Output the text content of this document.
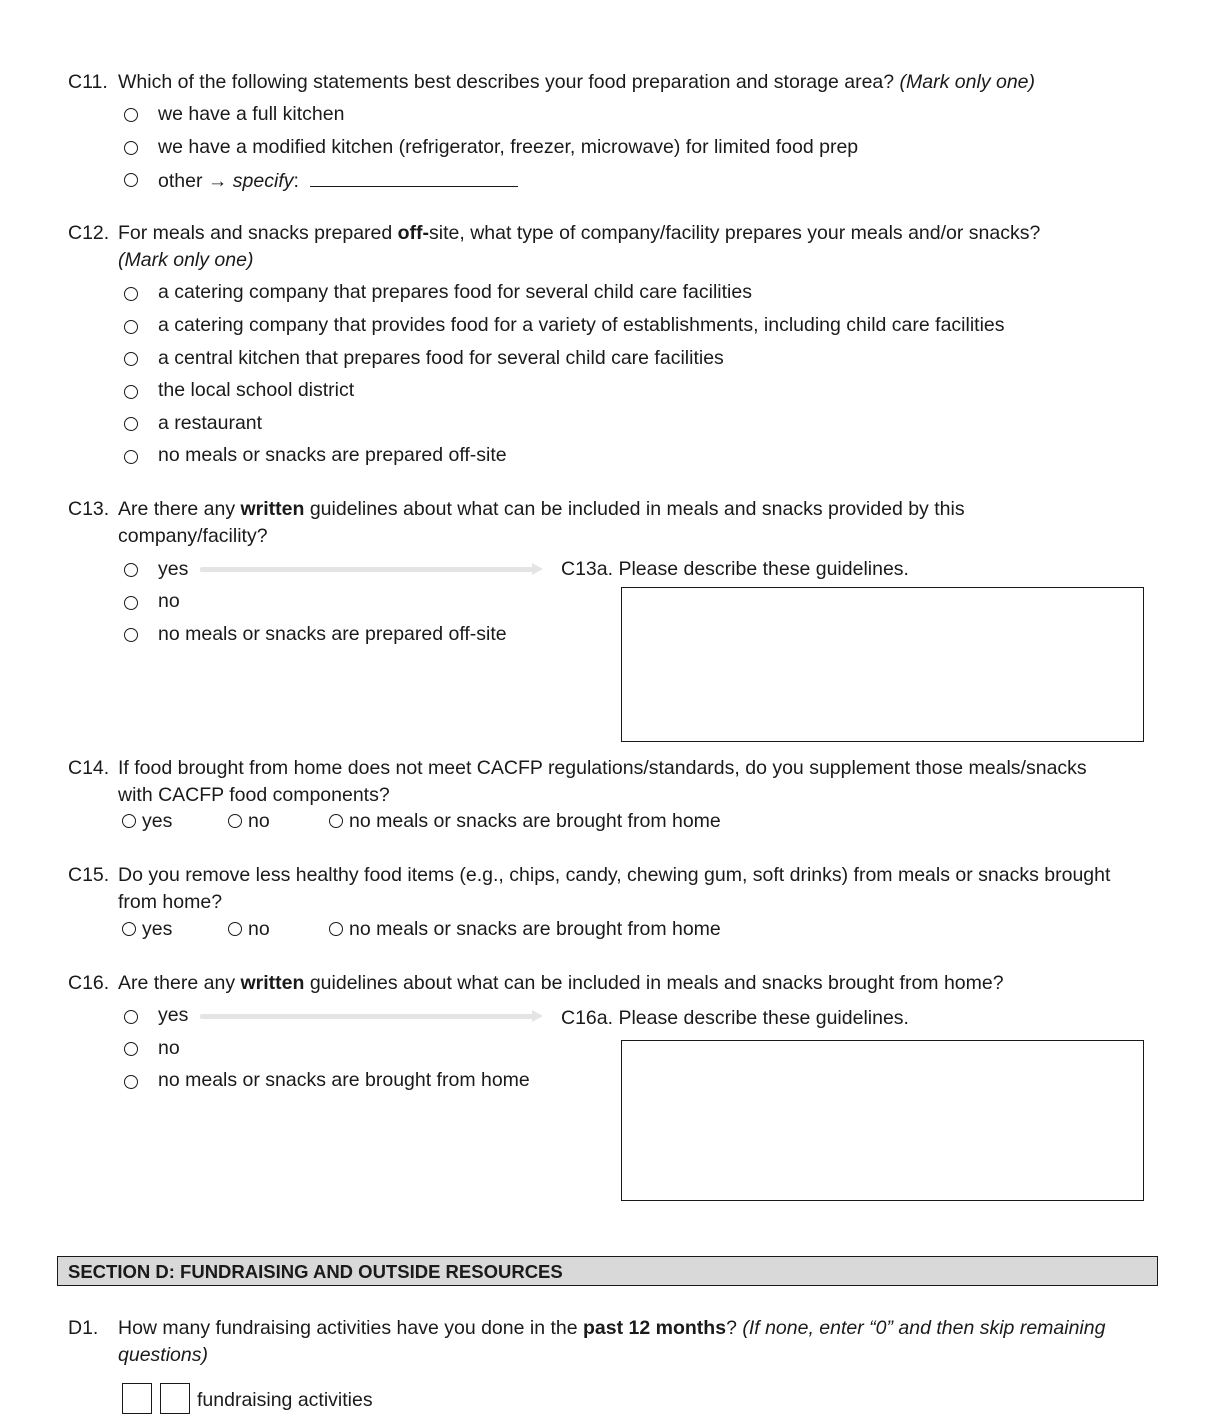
C11. Which of the following statements best describes your food preparation and storage area? (Mark only one)
we have a full kitchen
we have a modified kitchen (refrigerator, freezer, microwave) for limited food prep
other → specify:
C12. For meals and snacks prepared off-site, what type of company/facility prepares your meals and/or snacks?
(Mark only one)
a catering company that prepares food for several child care facilities
a catering company that provides food for a variety of establishments, including child care facilities
a central kitchen that prepares food for several child care facilities
the local school district
a restaurant
no meals or snacks are prepared off-site
C13. Are there any written guidelines about what can be included in meals and snacks provided by this
company/facility?
yes	C13a. Please describe these guidelines.
no
no meals or snacks are prepared off-site
C14. If food brought from home does not meet CACFP regulations/standards, do you supplement those meals/snacks
with CACFP food components?
yes	no	no meals or snacks are brought from home
C15. Do you remove less healthy food items (e.g., chips, candy, chewing gum, soft drinks) from meals or snacks brought
from home?
yes	no	no meals or snacks are brought from home
C16. Are there any written guidelines about what can be included in meals and snacks brought from home?
yes	C16a. Please describe these guidelines.
no
no meals or snacks are brought from home
SECTION D: FUNDRAISING AND OUTSIDE RESOURCES
D1. How many fundraising activities have you done in the past 12 months? (If none, enter “0” and then skip remaining
questions)
fundraising activities
